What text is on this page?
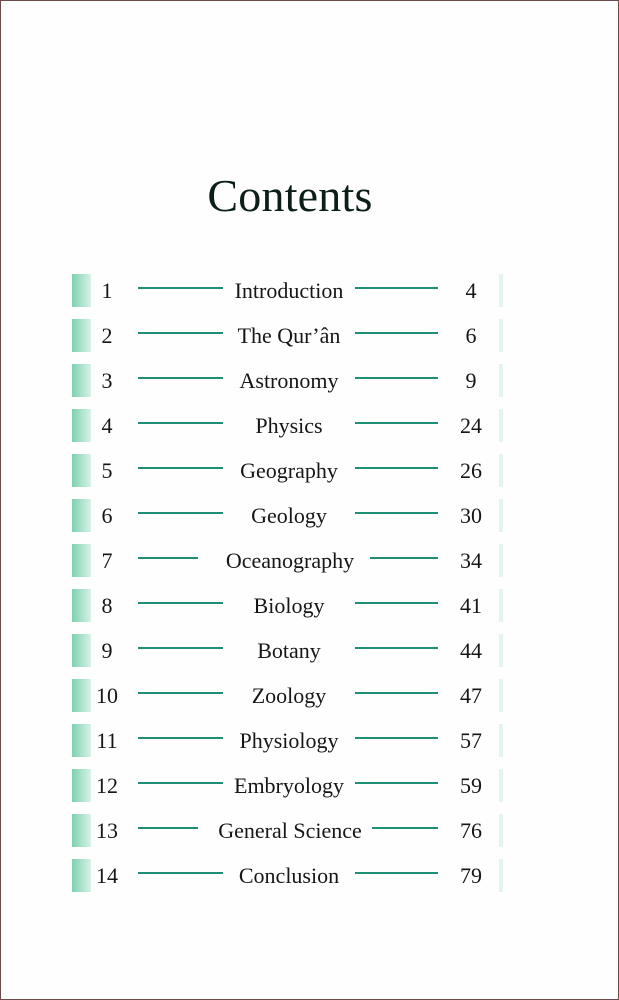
Contents
1	Introduction	4
2	The Qur’ân	6
3	Astronomy	9
4	Physics	24
5	Geography	26
6	Geology	30
7	Oceanography	34
8	Biology	41
9	Botany	44
10	Zoology	47
11	Physiology	57
12	Embryology	59
13	General Science	76
14	Conclusion	79
